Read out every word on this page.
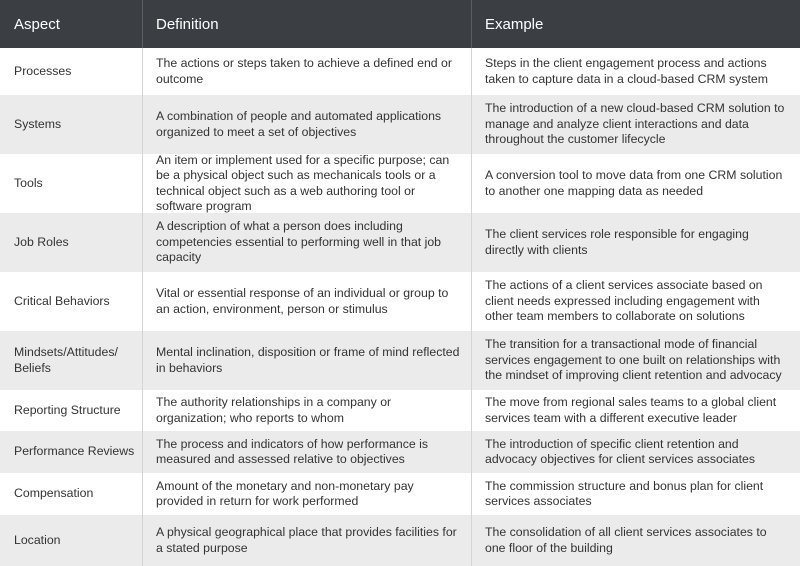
Aspect	Definition	Example
Processes
The actions or steps taken to achieve a defined end or outcome
Steps in the client engagement process and actions taken to capture data in a cloud-based CRM system
Systems
A combination of people and automated applications organized to meet a set of objectives
The introduction of a new cloud-based CRM solution to manage and analyze client interactions and data throughout the customer lifecycle
Tools
An item or implement used for a specific purpose; can be a physical object such as mechanicals tools or a technical object such as a web authoring tool or software program
A conversion tool to move data from one CRM solution to another one mapping data as needed
Job Roles
A description of what a person does including competencies essential to performing well in that job capacity
The client services role responsible for engaging directly with clients
Critical Behaviors
Vital or essential response of an individual or group to an action, environment, person or stimulus
The actions of a client services associate based on client needs expressed including engagement with other team members to collaborate on solutions
Mindsets/Attitudes/ Beliefs
Mental inclination, disposition or frame of mind reflected in behaviors
The transition for a transactional mode of financial services engagement to one built on relationships with the mindset of improving client retention and advocacy
Reporting Structure
The authority relationships in a company or organization; who reports to whom
The move from regional sales teams to a global client services team with a different executive leader
Performance Reviews
The process and indicators of how performance is measured and assessed relative to objectives
The introduction of specific client retention and advocacy objectives for client services associates
Compensation
Amount of the monetary and non-monetary pay provided in return for work performed
The commission structure and bonus plan for client services associates
Location
A physical geographical place that provides facilities for a stated purpose
The consolidation of all client services associates to one floor of the building
